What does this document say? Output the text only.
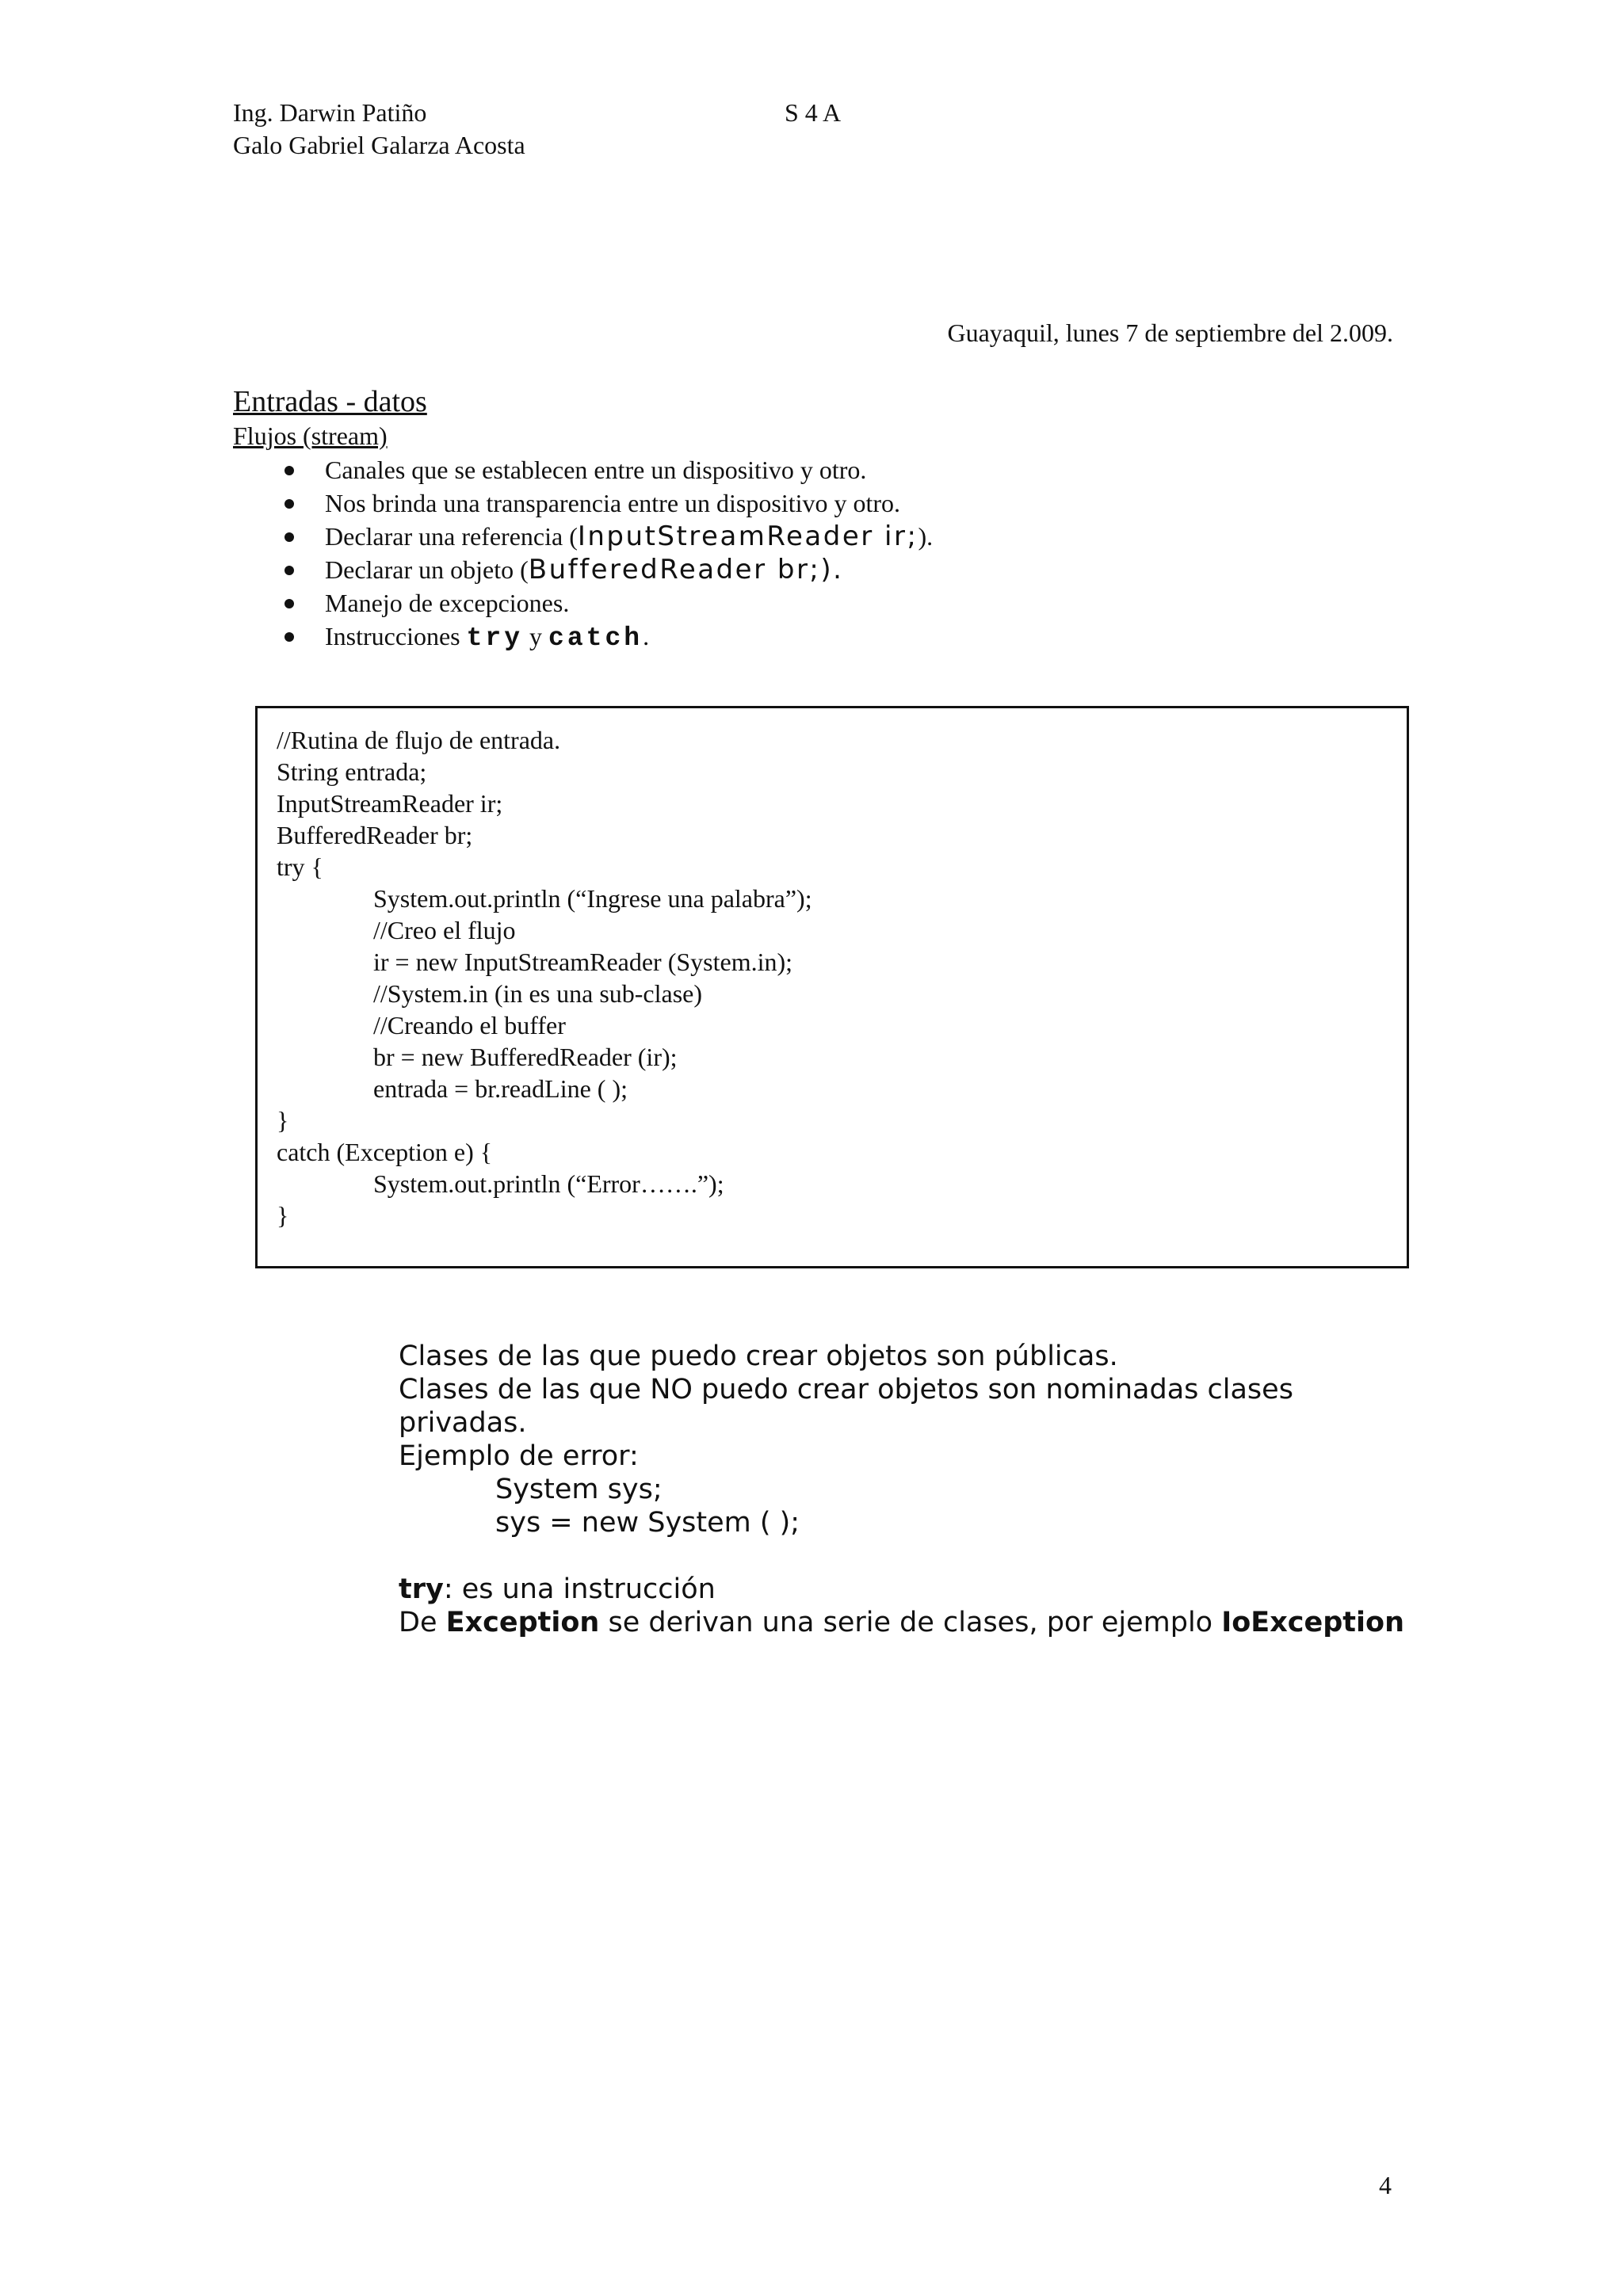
Ing. Darwin Patiño
Galo Gabriel Galarza Acosta
S 4 A
Guayaquil, lunes 7 de septiembre del 2.009.
Entradas - datos
Flujos (stream)
Canales que se establecen entre un dispositivo y otro.
Nos brinda una transparencia entre un dispositivo y otro.
Declarar una referencia (InputStreamReader ir;).
Declarar un objeto (BufferedReader br;).
Manejo de excepciones.
Instrucciones try y catch.
//Rutina de flujo de entrada.
String entrada;
InputStreamReader ir;
BufferedReader br;
try {
System.out.println (“Ingrese una palabra”);
//Creo el flujo
ir = new InputStreamReader (System.in);
//System.in (in es una sub-clase)
//Creando el buffer
br = new BufferedReader (ir);
entrada = br.readLine ( );
}
catch (Exception e) {
System.out.println (“Error…….”);
}
Clases de las que puedo crear objetos son públicas.
Clases de las que NO puedo crear objetos son nominadas clases
privadas.
Ejemplo de error:
System sys;
sys = new System ( );
try: es una instrucción
De Exception se derivan una serie de clases, por ejemplo IoException
4
